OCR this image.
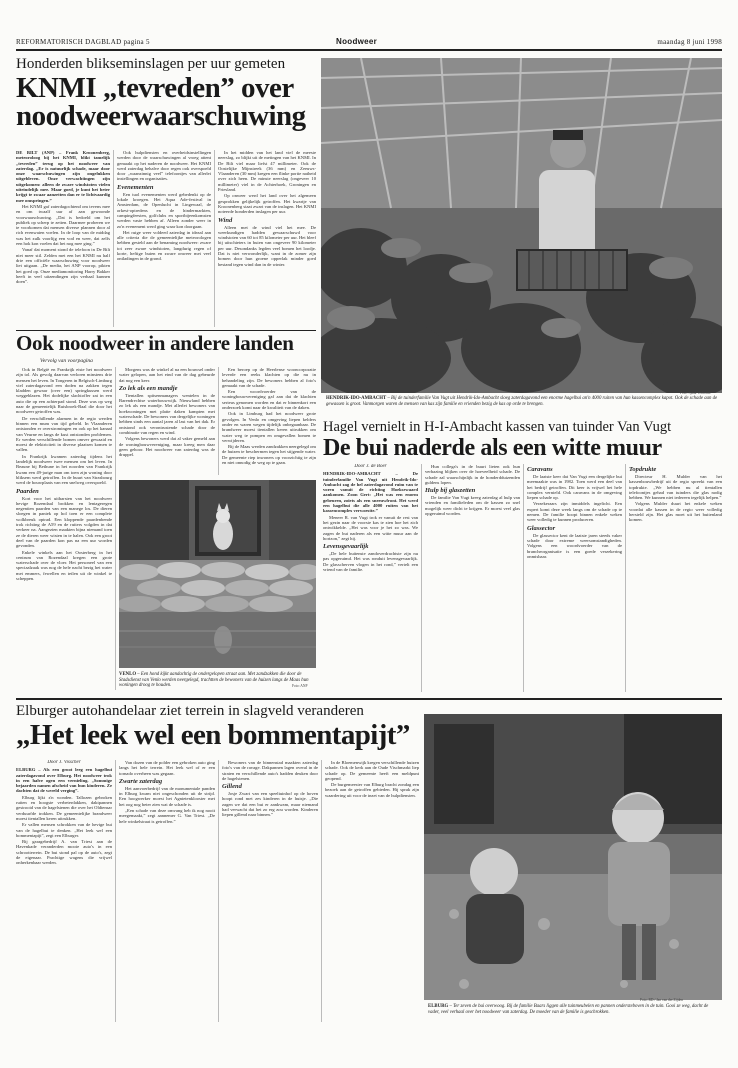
REFORMATORISCH DAGBLAD pagina 5	Noodweer	maandag 8 juni 1998
Honderden blikseminslagen per uur gemeten
KNMI „tevreden” over
noodweerwaarschuwing

DE BILT (ANP) – Frank Kroonenberg, meteoroloog bij het KNMI, blikt tamelijk „tevreden” terug op het noodweer van zaterdag. „Er is natuurlijk schade, maar door onze waarschuwingen zijn ongelukken uitgebleven. Onze verwachtingen zijn uitgekomen: alleen de zware windstoten vielen uiteindelijk mee. Maar goed, je kunt het beter krijgt te zwaar aanzetten dan er te lichtvaardig mee omspringen.”

Het KNMI gaf zaterdagochtend om tevens mee en om twaalf uur af aan gewoonde voorwaarschuwing. „Dat is bedoeld om het publiek op scherp te zetten. Daarmee proberen we te voorkomen dat mensen diverse plannen door al rich evenwaien voelen. In de loop van de middag was het zulk voorlijg een vod en weer, dat zelfs een hok kon voelen dat het nog mee ging.”

Vanaf dat moment stond de telefoon in De Bilt niet meer stil. Zelden met een het KNMI nu half drie een officiële waarschuwing voor noodweer liet uitgaan. „De media, het ANP voorop, pikten het goed op. Onze mediamonitoring Harry Bakker heeft in veel uitzendingen zijn verhaal kunnen doen”.

Ook hulpdiensten en overheidsinstellingen werden door de waarschuwingen al vroeg attent gemaakt op het naderen de noodweer. Het KNMI werd zaterdag behalve door regen ook overspoeld door „waanzinnig veel” telefoontjes van allerlei instellingen en organisaties.

Evenementen

Een tuol evenementen werd gebedenkt op de lokale kroegen. Het Aqua Ade-festival in Amsterdam, de Openlucht in Lingewaal, de orkest-optredens en de hindermarkten, campingfeesten, golfclubs en sportbijeenkomsten werden vaste hebben af. Alleen zonder weer in zo'n evenement werd ging waar kon doorgaan.

Het ruige weer voldeed zaterdag in ideaal aan alle criteria die de gemeentelijke meteorologen hebben gesteld aan de benaming noodweer: zware tot zeer zware windstoten, langdurig regen of korte, heftige buien en zware onweer met veel ontladingen in de grond.

In het midden van het land viel de meeste neerslag, zo blijkt uit de metingen van het KNMI. In De Bilt viel maar liefst 47 millimeter. Ook de Oostelijke Mijnstreek (36 mm) en Zeeuws-Vlaanderen (30 mm) kregen een flinke portie natheid over zich heen. De minste neerslag (ongeveer 10 millimeter) viel in de Achterhoek, Groningen en Friesland.

Op onweer werd het land over het algemeen gesprokken gelijkelijk getroffen. Het kwartje van Kroonenberg staat zwart van de inslagen. Het KNMI noteerde honderden inslagen per uur.

Wind

Alleen met de wind viel het mee. De weerkundigen hadden gewaarschuwd voor windstoten van 60 tot 85 kilometer per uur. Het bleef bij uitschieters in buien van ongeveer 90 kilometer per uur. Desondanks legden veel bomen het loodje. Dat is niet verwonderlijk, want in de zomer zijn bomen door hun groene opperlak minder goed bestand tegen wind dan in de winter.

Ook noodweer in andere landen
Vervolg van voorpagina

Ook in België en Frankrijk eiste het noodweer zijn tol. Als gevolg daarvan verloren minstens drie mensen het leven. In Tongeren in Belgisch-Limburg viel zaterdagavond een doden na zakken tegen kladden gewaar (over een) springkussen werd weggeblazen. Het dodelijke slachtoffer zat in een auto die op een achterpad stond. Deze was op weg naar de gemeentelijk Ruisbroek-Baal die door het noodweer getroffen was.

De verschillende alarmen in de regio werden binnen een mum van tijd gebeld. In Vlaanderen ontstonden er overstromingen en ook op het kanaal van Veurne en langs de kust ontstonden problemen. Er werden verschillende bomen omver gewaaid en moest de elektriciteit in diverse plaatsen komen te vallen.

In Frankrijk kwamen zaterdag tijdens het landelijk noodweer twee mensen om het leven. In Beaune bij Bethune in het noorden van Frankrijk kwam een 49-jarige man om toen zijn woning door bliksem werd getroffen. In de buurt van Strasbourg werd de bouwplaats van een snelweg overspoeld.

Paarden

Kort voor het uitbarsten van het noodweer hevige Rozendaal brokken en lentageregen negentien paarden van een manege los. De dieren sloegen in paniek op hol toen er een complete wolkbreuk optrad. Een kloppende paardenbende trok richting de A59 en de ruiters volgden in dat verkeer na. Aangezien maakten bijna niemand toen ze de dieren weer wisten in te halen. Ook een groot deel van de paarden kon pas na een uur worden gevonden.

Enkele winkels aan het Oosterberg in het centrum van Rozendaal kregen een grote waterschade over de vloer. Het personeel van een speciaalzaak was nog de hele nacht bezig het water met emmers, fewellen en teilen uit de winkel te scheppen.

Morgens was de winkel al na een bouwsel onder water gelopen, aan het eind van de dag gebeurde dat nog een keer.

Zo lek als een mandje

Tientallen spitsenmanagers wentelen in de Barendrechtse waterbouwwijk. Nieuwland hebben zo lek als een mandje. Met allerlei bewoners van hoekwoningen met platte daken kampten met waterschade. De bewoners van dergelijke woningen hebben sinds een aantal jaren al last van het dak. Er ontstond ook verontrustende schade door de combinatie van regen en wind.

Volgens bewoners werd dat al vaker gemeld aan de woningbouwvereniging, maar kreeg men daar geen gehoor. Het noodweer van zaterdag was de druppel.

Een beroep op de Heerlense wooncorporatie leverde een reeks klachten op die nu in behandeling zijn. De bewoners hebben al foto's gemaakt van de schade.

Een woordvoerder van de woningbouwvereniging gaf aan dat de klachten serieus genomen worden en dat er binnenkort een onderzoek komt naar de kwaliteit van de daken.

Ook in Limburg had het noodweer grote gevolgen. In Venlo en omgeving liepen kelders onder en waren wegen tijdelijk onbegaanbaar. De brandweer moest tientallen keren uitrukken om water weg te pompen en omgevallen bomen te verwijderen.

Bij de Maas werden zandzakken neergelegd om de huizen te beschermen tegen het stijgende water. De gemeente riep inwoners op voorzichtig te zijn en niet onnodig de weg op te gaan.

VENLO – Een hond kijkt aandachtig de ondergelopen straat aan. Met zandzakken die door de Stadsdienst van Venlo werden neergelegd, trachtten de bewoners van de huizen langs de Maas hun woningen droog te houden.	Foto: ANP
HENDRIK-IDO-AMBACHT – Bij de tuinderfamilie Van Vugt uit Hendrik-Ido-Ambacht sloeg zaterdagavond een enorme hagelbui an'n 4000 ruiten van hun kassencomplex kapot. Ook de schade aan de gewassen is groot. Vanmorgen waren de mensen van kas zijn familie en vrienden bezig de kas op orde te brengen.
Foto: Sjaak Verboom
Hagel vernielt in H-I-Ambacht kassen van tuinder Van Vugt
De bui naderde als een witte muur

Door J. de Boer

HENDRIK-IDO-AMBACHT – De tuinderfamilie Van Vugt uit Hendrik-Ido-Ambacht zag de hel zaterdagavond ruim van te voren vanuit de richting Hoeksewaard aankomen. Zoon Gert: „Het was een enorm gebeuren, zoiets als een sneeuwfront. Het werd een hagelbui die alle 4000 ruiten van het kassencomplex verwoestte.”

Meneer R. van Vugt trok er vanuit de rest van het gezin naar de voorste kas te zien hoe het zich ontwikkelde. „Het was voor je het zo was. We zagen de bui naderen als een witte muur aan de horizon,” zegt hij.

Levensgevaarlijk

„De hele buitenste zandoverdrachtste zijn nu pas opgeruimd. Het was ronduit levensgevaarlijk. De glasscherven vlogen in het rond,” vertelt een vriend van de familie.

Hun collega's in de buurt lieten ook hun verbazing blijken over de hoeveelheid schade. De schade zal waarschijnlijk in de honderdduizenden guldens lopen.

Hulp bij glaszetten

De familie Van Vugt kreeg zaterdag al hulp van vrienden en familieleden om de kassen zo snel mogelijk weer dicht te krijgen. Er moest veel glas opgeruimd worden.

Caravans

De laatste keer dat Van Vugt een dergelijke bui meemaakte was in 1982. Toen werd een deel van het bedrijf getroffen. Dit keer is vrijwel het hele complex vernield. Ook caravans in de omgeving liepen schade op.

Verzekeraars zijn inmiddels ingelicht. Een expert komt deze week langs om de schade op te nemen. De familie hoopt binnen enkele weken weer volledig te kunnen produceren.

Glassector

De glassector kent de laatste jaren steeds vaker schade door extreme weersomstandigheden. Volgens een woordvoerder van de brancheorganisatie is een goede verzekering onmisbaar.

Topdrukte

Directeur H. Mulder van het kassenbouwbedrijf uit de regio spreekt van een topdrukte. „We hebben nu al tientallen telefoontjes gehad van tuinders die glas nodig hebben. We kunnen niet iedereen tegelijk helpen.”

Volgens Mulder duurt het enkele weken voordat alle kassen in de regio weer volledig hersteld zijn. Het glas moet uit het buitenland komen.

Elburger autohandelaar ziet terrein in slagveld veranderen
„Het leek wel een bommentapijt”

Door J. Visscher

ELBURG – Als een groot leeg een hagelbui zaterdagavond over Elburg. Het noodweer trok in een halve ogen een vernieling. „Sommige bejaarden namen afscheid van hun kinderen. Ze dachten dat de wereld verging”.

Elburg lijkt z'n wonden. Tallozen gebroken ruiten en hoogste verbeterdakken, daktpannen gestrooid van de hagelstenen die over het Oldtensar verduurfde trokken. De gemeentelijke brandweer moest tientallen keren uitrukken.

Er vallen mensen schrokken van de hevige bui van de hagelbui te denken. „Het leek wel een bommentapijt”, zegt een Elburger.

Bij garagebedrijf A. van Triest aan de Havenkade veranderden mooie auto's in een schrootterrein. De bui stond pal op de auto's, zegt de eigenaar. Prachtige wagens die vrijwel onherkenbaar werden.

Van dozen van de polder een gebroken auto ging langs het hele terrein. Het leek wel of er een tornado overheen was gegaan.

Zwarte zaterdag

Het aanvoerbedrijf van de monumentale panden in Elburg kwam niet ongeschonden uit de strijd. Een hoogwerker moest het Agnietenklooster met het oog nog beter zien wat de schade is.

„Een schade van deze omvang heb ik nog nooit meegemaakt,” zegt aannemer G. Van Triest. „De hele winkelstraat is getroffen.”

Bewoners van de binnenstad maakten zaterdag foto's van de ravage. Dakpannen lagen overal in de straten en verschillende auto's hadden deuken door de hagelstenen.

Gillend

Josje Zwart van een speeltuinhof op de hoven hoopt rond met zes kinderen in de huisje. „Die zagen we dat een bui er aankwam, maar niemand had verwacht dat het zo erg zou worden. Kinderen liepen gillend naar binnen.”

In de Bloemenwijk kregen verschillende huizen schade. Ook de kerk aan de Oude Vischmarkt liep schade op. De gemeente heeft een meldpunt geopend.

De burgemeester van Elburg bracht zondag een bezoek aan de getroffen gebieden. Hij sprak zijn waardering uit voor de inzet van de hulpdiensten.

ELBURG – Ter zeven de bui overwoog. Bij de familie Baars liggen alle tuinmeubelen en pannen ondersteboven in de tuin. Gooi ze weg, dacht de vader, veel verhaal over het noodweer van zaterdag. De moeder van de familie is geschrokken.
Foto: RD / Jan van der Zijden
